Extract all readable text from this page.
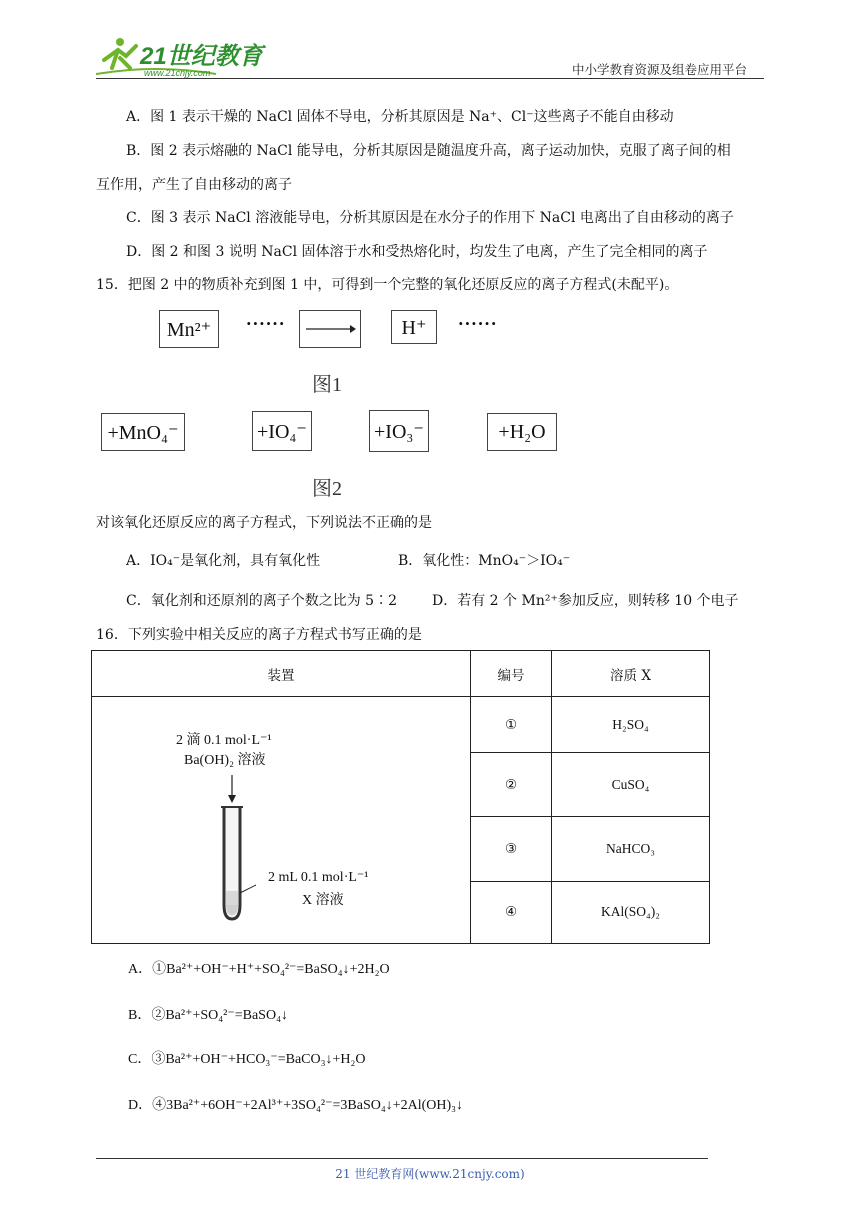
21世纪教育
www.21cnjy.com	中小学教育资源及组卷应用平台
A．图 1 表示干燥的 NaCl 固体不导电，分析其原因是 Na⁺、Cl⁻这些离子不能自由移动
B．图 2 表示熔融的 NaCl 能导电，分析其原因是随温度升高，离子运动加快，克服了离子间的相
互作用，产生了自由移动的离子
C．图 3 表示 NaCl 溶液能导电，分析其原因是在水分子的作用下 NaCl 电离出了自由移动的离子
D．图 2 和图 3 说明 NaCl 固体溶于水和受热熔化时，均发生了电离，产生了完全相同的离子
15．把图 2 中的物质补充到图 1 中，可得到一个完整的氧化还原反应的离子方程式(未配平)。
Mn²⁺	······	H⁺	······
图1
+MnO₄⁻	+IO₄⁻	+IO₃⁻	+H₂O
图2
对该氧化还原反应的离子方程式，下列说法不正确的是
A．IO₄⁻是氧化剂，具有氧化性	B．氧化性：MnO₄⁻＞IO₄⁻
C．氧化剂和还原剂的离子个数之比为 5∶2	D．若有 2 个 Mn²⁺参加反应，则转移 10 个电子
16．下列实验中相关反应的离子方程式书写正确的是
装置	编号	溶质 X

2 滴 0.1 mol·L⁻¹
Ba(OH)₂ 溶液
2 mL 0.1 mol·L⁻¹
X 溶液	①	H₂SO₄
	②	CuSO₄
	③	NaHCO₃
	④	KAl(SO₄)₂
A．①Ba²⁺+OH⁻+H⁺+SO₄²⁻=BaSO₄↓+2H₂O
B．②Ba²⁺+SO₄²⁻=BaSO₄↓
C．③Ba²⁺+OH⁻+HCO₃⁻=BaCO₃↓+H₂O
D．④3Ba²⁺+6OH⁻+2Al³⁺+3SO₄²⁻=3BaSO₄↓+2Al(OH)₃↓
21 世纪教育网(www.21cnjy.com)
